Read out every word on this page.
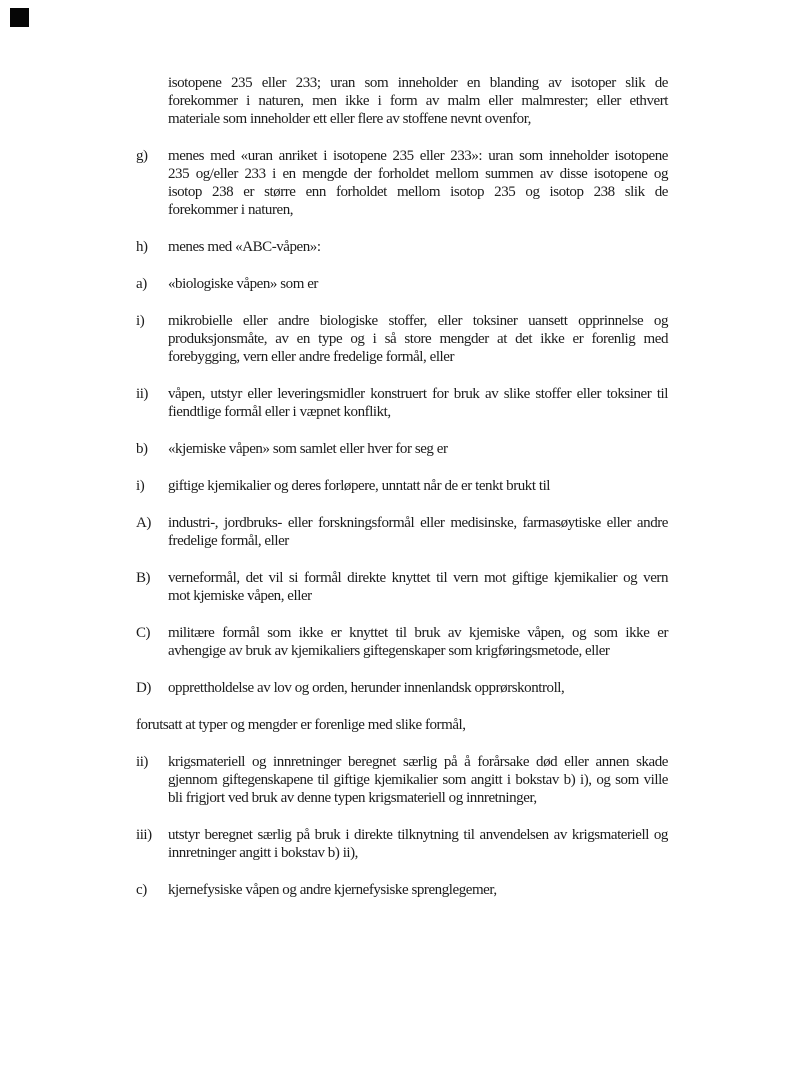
isotopene 235 eller 233; uran som inneholder en blanding av isotoper slik de
forekommer i naturen, men ikke i form av malm eller malmrester; eller ethvert
materiale som inneholder ett eller flere av stoffene nevnt ovenfor,
g)	menes med «uran anriket i isotopene 235 eller 233»: uran som inneholder isotopene
235 og/eller 233 i en mengde der forholdet mellom summen av disse isotopene og
isotop 238 er større enn forholdet mellom isotop 235 og isotop 238 slik de
forekommer i naturen,
h)	menes med «ABC-våpen»:
a)	«biologiske våpen» som er
i)	mikrobielle eller andre biologiske stoffer, eller toksiner uansett opprinnelse og
produksjonsmåte, av en type og i så store mengder at det ikke er forenlig med
forebygging, vern eller andre fredelige formål, eller
ii)	våpen, utstyr eller leveringsmidler konstruert for bruk av slike stoffer eller toksiner til
fiendtlige formål eller i væpnet konflikt,
b)	«kjemiske våpen» som samlet eller hver for seg er
i)	giftige kjemikalier og deres forløpere, unntatt når de er tenkt brukt til
A)	industri-, jordbruks- eller forskningsformål eller medisinske, farmasøytiske eller andre
fredelige formål, eller
B)	verneformål, det vil si formål direkte knyttet til vern mot giftige kjemikalier og vern
mot kjemiske våpen, eller
C)	militære formål som ikke er knyttet til bruk av kjemiske våpen, og som ikke er
avhengige av bruk av kjemikaliers giftegenskaper som krigføringsmetode, eller
D)	opprettholdelse av lov og orden, herunder innenlandsk opprørskontroll,
forutsatt at typer og mengder er forenlige med slike formål,
ii)	krigsmateriell og innretninger beregnet særlig på å forårsake død eller annen skade
gjennom giftegenskapene til giftige kjemikalier som angitt i bokstav b) i), og som ville
bli frigjort ved bruk av denne typen krigsmateriell og innretninger,
iii)	utstyr beregnet særlig på bruk i direkte tilknytning til anvendelsen av krigsmateriell og
innretninger angitt i bokstav b) ii),
c)	kjernefysiske våpen og andre kjernefysiske sprenglegemer,
